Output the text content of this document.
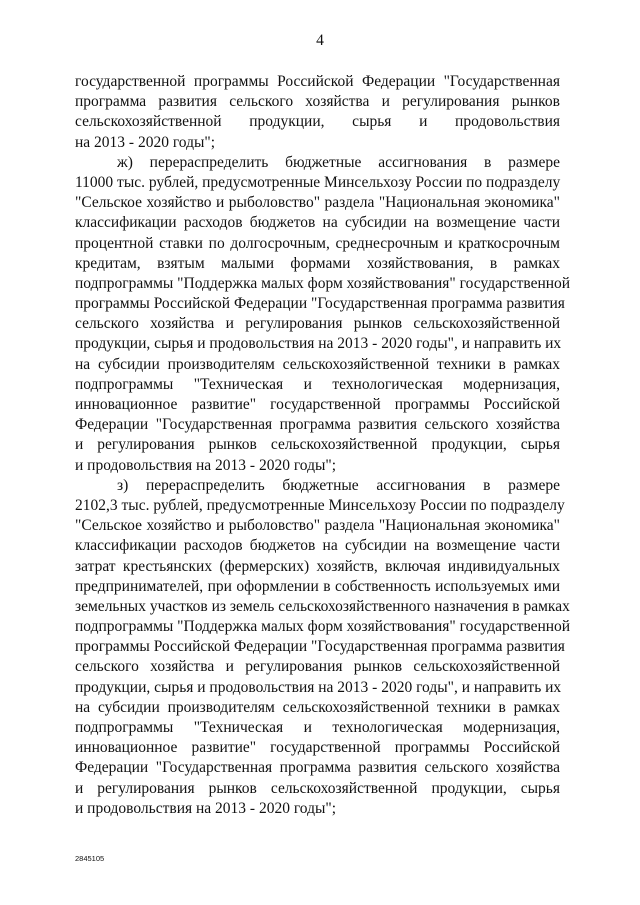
4
государственной программы Российской Федерации "Государственная
программа развития сельского хозяйства и регулирования рынков
сельскохозяйственной продукции, сырья и продовольствия
на 2013 - 2020 годы";
ж) перераспределить бюджетные ассигнования в размере
11000 тыс. рублей, предусмотренные Минсельхозу России по подразделу
"Сельское хозяйство и рыболовство" раздела "Национальная экономика"
классификации расходов бюджетов на субсидии на возмещение части
процентной ставки по долгосрочным, среднесрочным и краткосрочным
кредитам, взятым малыми формами хозяйствования, в рамках
подпрограммы "Поддержка малых форм хозяйствования" государственной
программы Российской Федерации "Государственная программа развития
сельского хозяйства и регулирования рынков сельскохозяйственной
продукции, сырья и продовольствия на 2013 - 2020 годы", и направить их
на субсидии производителям сельскохозяйственной техники в рамках
подпрограммы "Техническая и технологическая модернизация,
инновационное развитие" государственной программы Российской
Федерации "Государственная программа развития сельского хозяйства
и регулирования рынков сельскохозяйственной продукции, сырья
и продовольствия на 2013 - 2020 годы";
з) перераспределить бюджетные ассигнования в размере
2102,3 тыс. рублей, предусмотренные Минсельхозу России по подразделу
"Сельское хозяйство и рыболовство" раздела "Национальная экономика"
классификации расходов бюджетов на субсидии на возмещение части
затрат крестьянских (фермерских) хозяйств, включая индивидуальных
предпринимателей, при оформлении в собственность используемых ими
земельных участков из земель сельскохозяйственного назначения в рамках
подпрограммы "Поддержка малых форм хозяйствования" государственной
программы Российской Федерации "Государственная программа развития
сельского хозяйства и регулирования рынков сельскохозяйственной
продукции, сырья и продовольствия на 2013 - 2020 годы", и направить их
на субсидии производителям сельскохозяйственной техники в рамках
подпрограммы "Техническая и технологическая модернизация,
инновационное развитие" государственной программы Российской
Федерации "Государственная программа развития сельского хозяйства
и регулирования рынков сельскохозяйственной продукции, сырья
и продовольствия на 2013 - 2020 годы";
2845105
